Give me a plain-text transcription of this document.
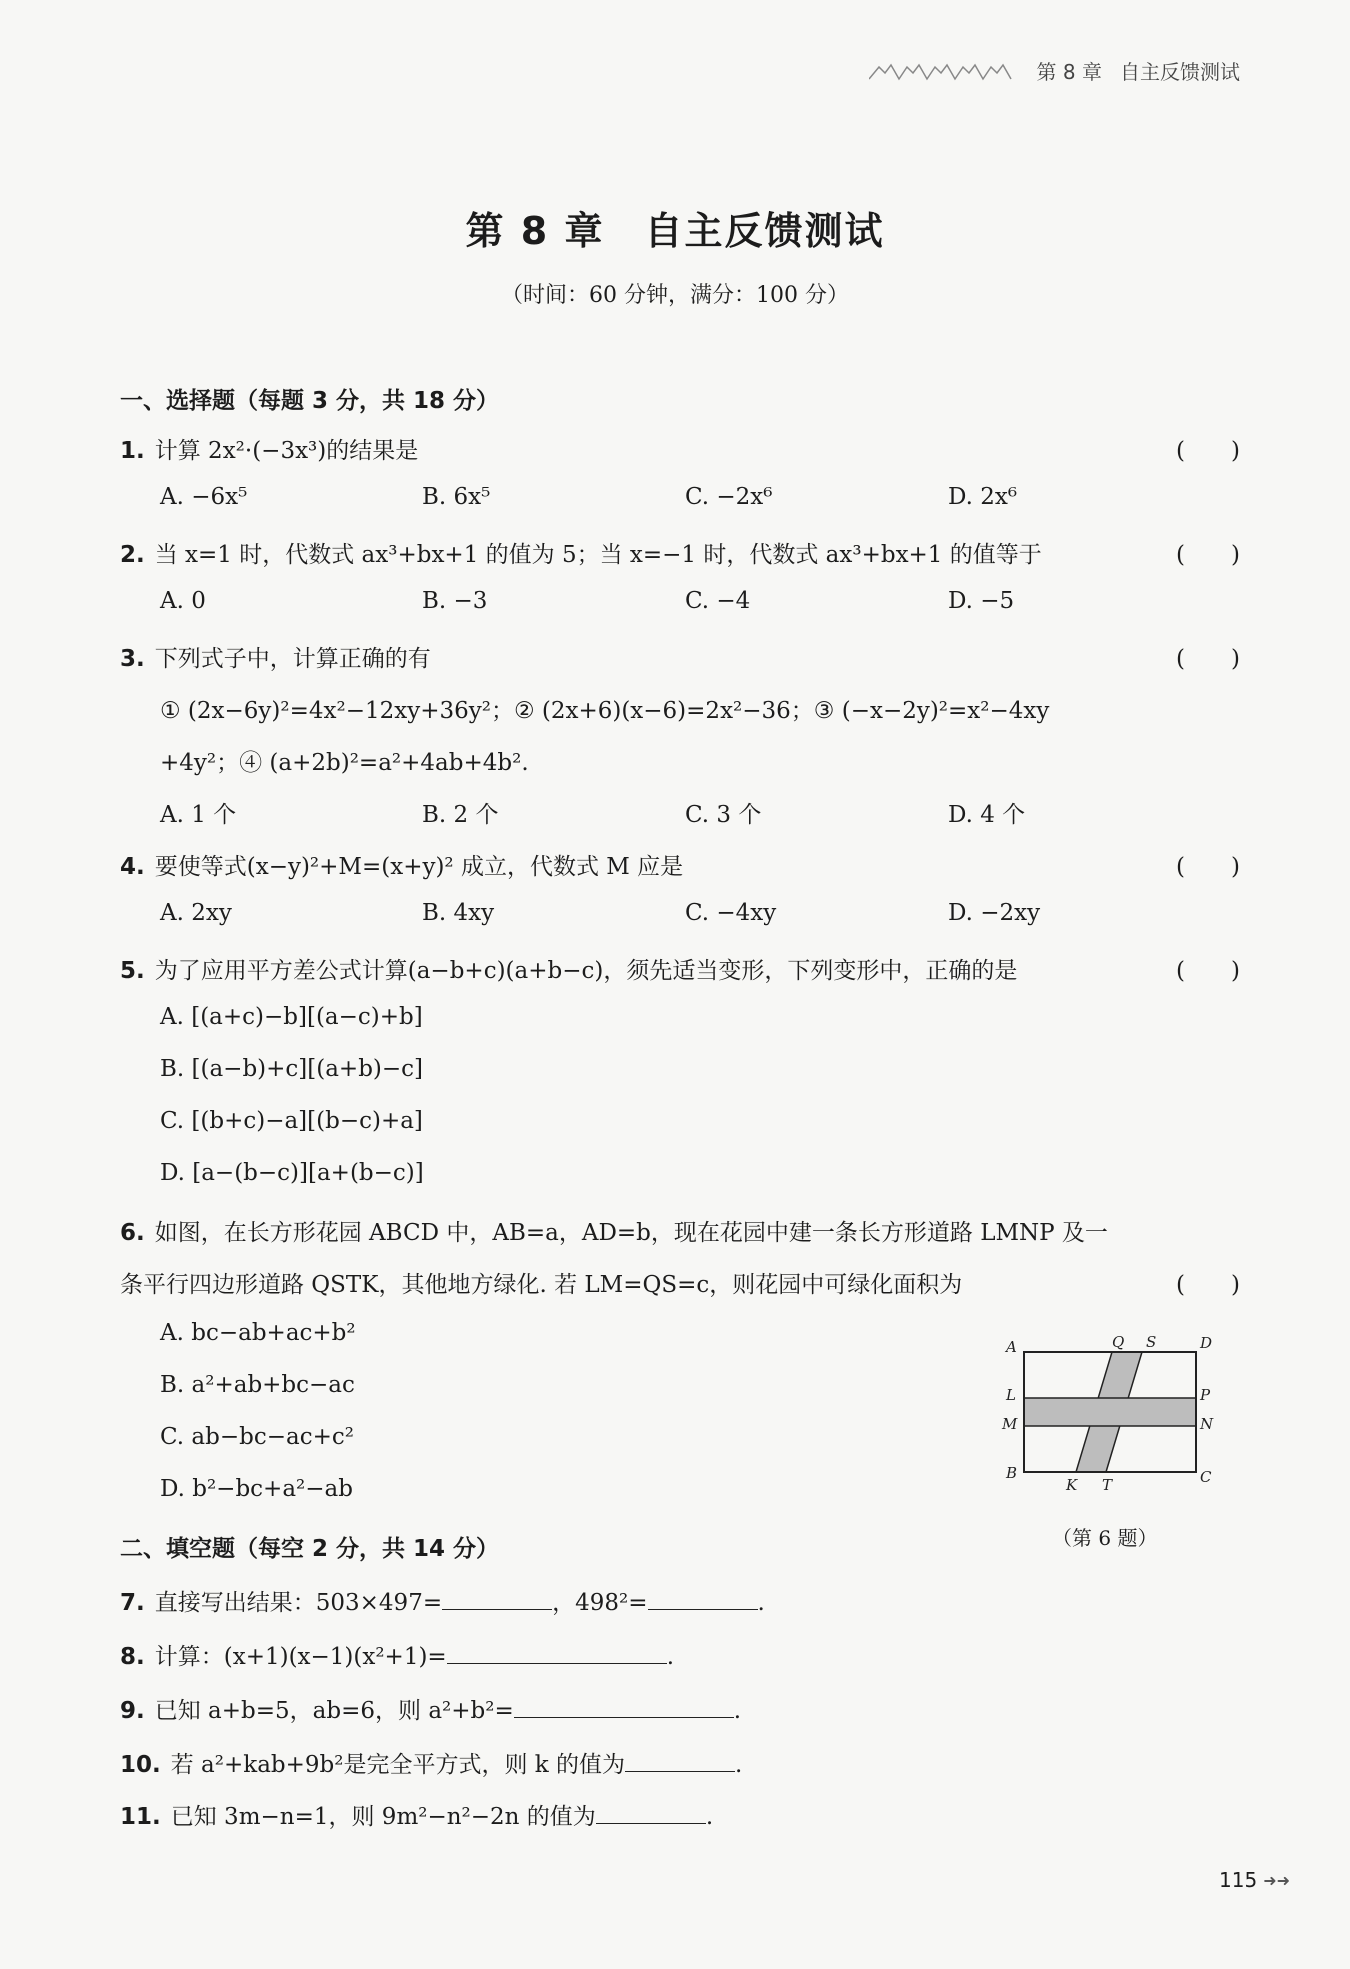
第 8 章 自主反馈测试
第 8 章　自主反馈测试
（时间：60 分钟，满分：100 分）
一、选择题（每题 3 分，共 18 分）
1. 计算 2x²·(−3x³)的结果是	(　　)
A. −6x⁵	B. 6x⁵	C. −2x⁶	D. 2x⁶
2. 当 x=1 时，代数式 ax³+bx+1 的值为 5；当 x=−1 时，代数式 ax³+bx+1 的值等于	(　　)
A. 0	B. −3	C. −4	D. −5
3. 下列式子中，计算正确的有	(　　)
① (2x−6y)²=4x²−12xy+36y²；② (2x+6)(x−6)=2x²−36；③ (−x−2y)²=x²−4xy
+4y²；④ (a+2b)²=a²+4ab+4b².
A. 1 个	B. 2 个	C. 3 个	D. 4 个
4. 要使等式(x−y)²+M=(x+y)² 成立，代数式 M 应是	(　　)
A. 2xy	B. 4xy	C. −4xy	D. −2xy
5. 为了应用平方差公式计算(a−b+c)(a+b−c)，须先适当变形，下列变形中，正确的是	(　　)
A. [(a+c)−b][(a−c)+b]
B. [(a−b)+c][(a+b)−c]
C. [(b+c)−a][(b−c)+a]
D. [a−(b−c)][a+(b−c)]
6. 如图，在长方形花园 ABCD 中，AB=a，AD=b，现在花园中建一条长方形道路 LMNP 及一
条平行四边形道路 QSTK，其他地方绿化. 若 LM=QS=c，则花园中可绿化面积为	(　　)
A. bc−ab+ac+b²
B. a²+ab+bc−ac
C. ab−bc−ac+c²
D. b²−bc+a²−ab
A
B	C
D
L
M	N
P
Q S
K T
（第 6 题）
二、填空题（每空 2 分，共 14 分）
7. 直接写出结果：503×497=	，498²=	.
8. 计算：(x+1)(x−1)(x²+1)=	.
9. 已知 a+b=5，ab=6，则 a²+b²=	.
10. 若 a²+kab+9b²是完全平方式，则 k 的值为	.
11. 已知 3m−n=1，则 9m²−n²−2n 的值为	.
115 ➜➜
